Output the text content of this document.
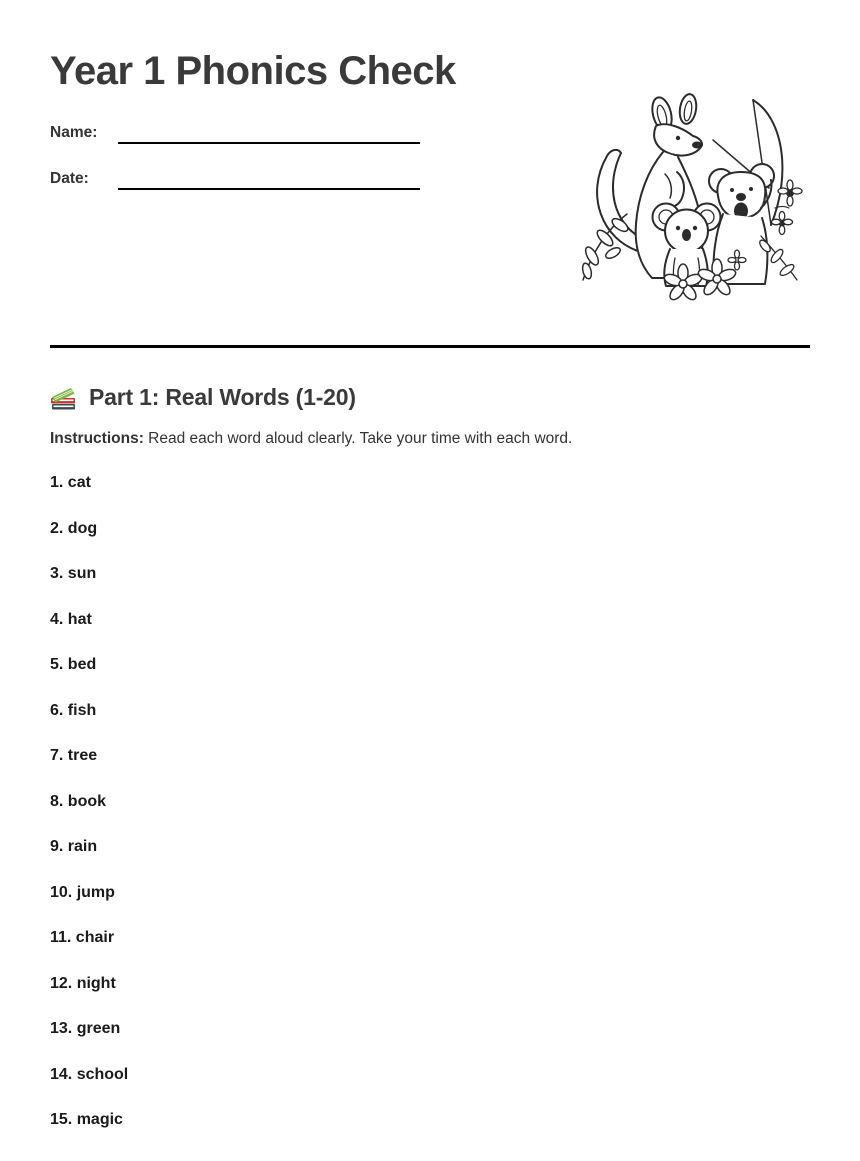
Year 1 Phonics Check
Name:
Date:
Part 1: Real Words (1-20)

Instructions: Read each word aloud clearly. Take your time with each word.

1. cat
2. dog
3. sun
4. hat
5. bed
6. fish
7. tree
8. book
9. rain
10. jump
11. chair
12. night
13. green
14. school
15. magic
